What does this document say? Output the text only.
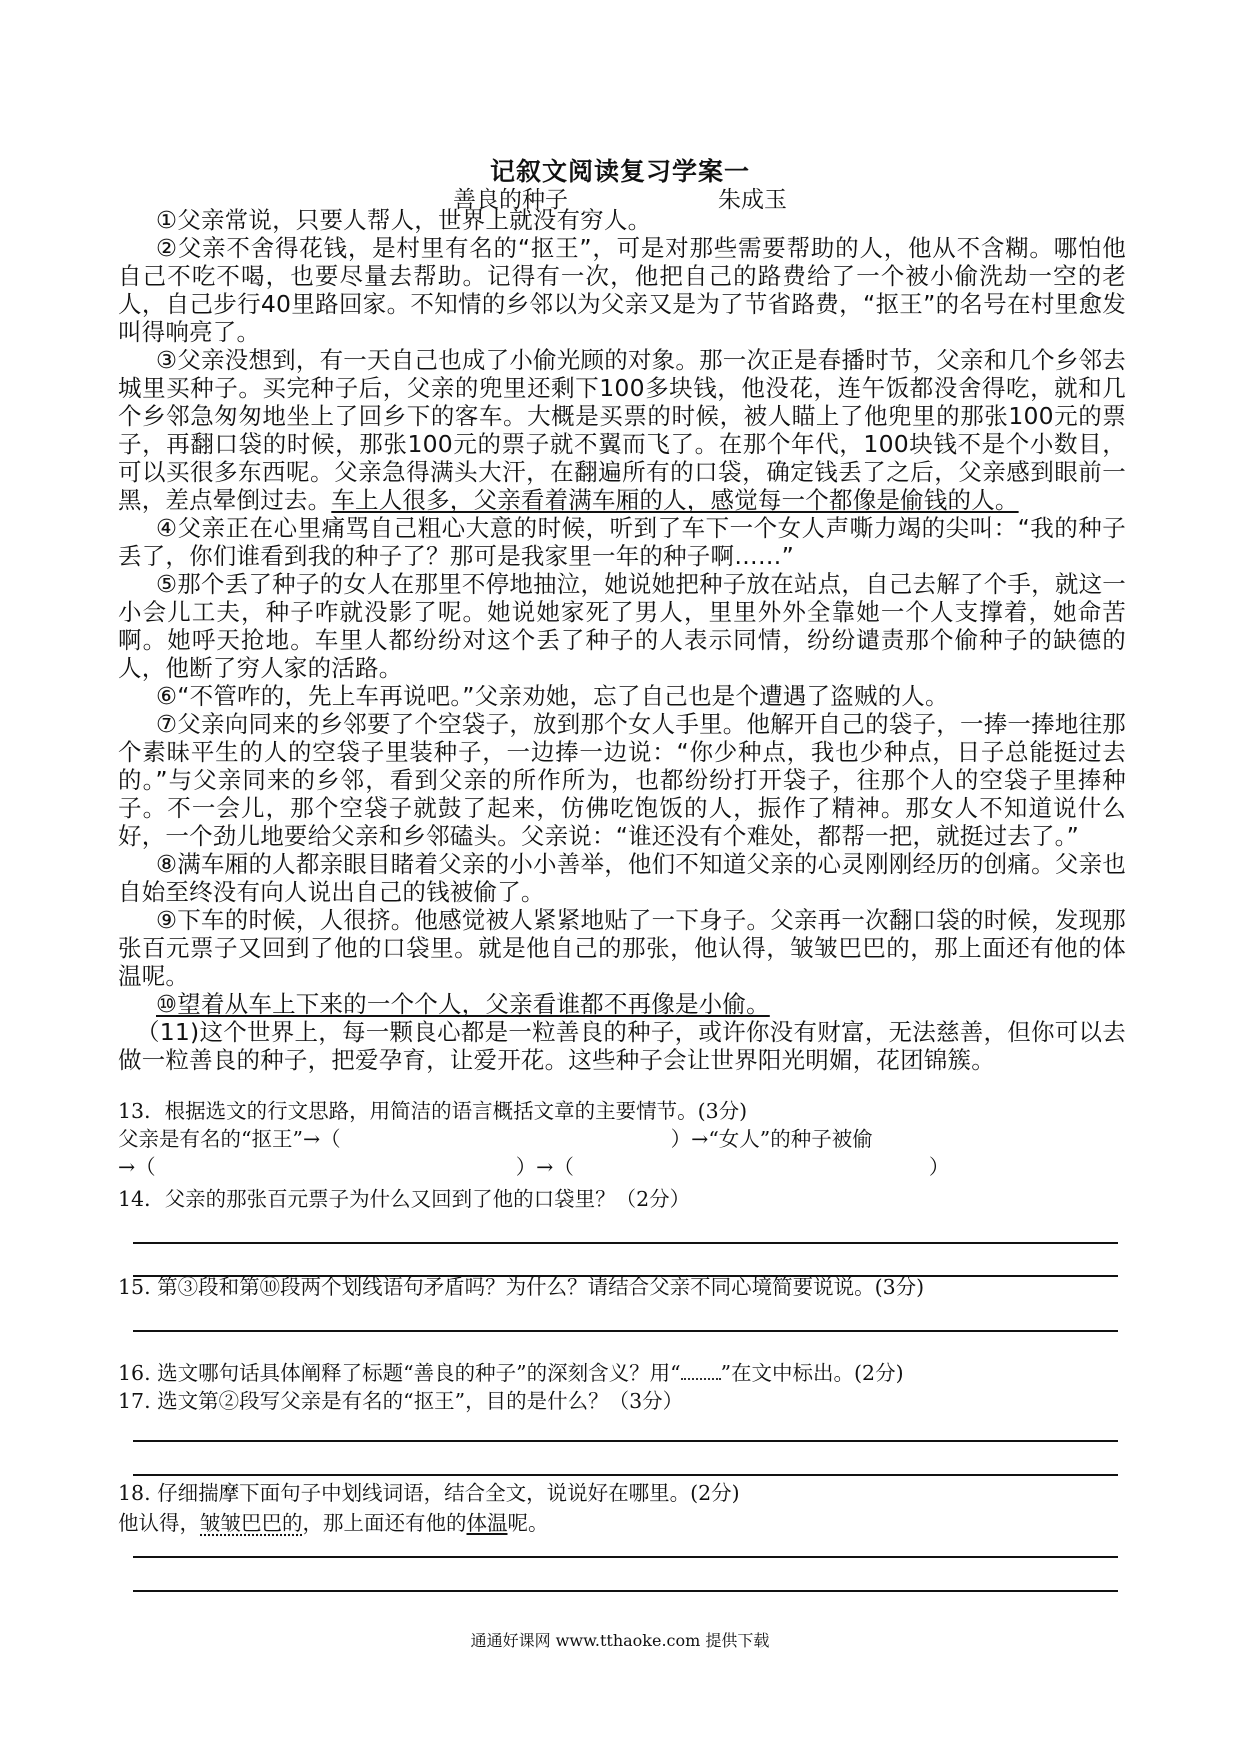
记叙文阅读复习学案一
善良的种子	朱成玉

①父亲常说，只要人帮人，世界上就没有穷人。

②父亲不舍得花钱，是村里有名的“抠王”，可是对那些需要帮助的人，他从不含糊。哪怕他自己不吃不喝，也要尽量去帮助。记得有一次，他把自己的路费给了一个被小偷洗劫一空的老人，自己步行40里路回家。不知情的乡邻以为父亲又是为了节省路费，“抠王”的名号在村里愈发叫得响亮了。

③父亲没想到，有一天自己也成了小偷光顾的对象。那一次正是春播时节，父亲和几个乡邻去城里买种子。买完种子后，父亲的兜里还剩下100多块钱，他没花，连午饭都没舍得吃，就和几个乡邻急匆匆地坐上了回乡下的客车。大概是买票的时候，被人瞄上了他兜里的那张100元的票子，再翻口袋的时候，那张100元的票子就不翼而飞了。在那个年代，100块钱不是个小数目，可以买很多东西呢。父亲急得满头大汗，在翻遍所有的口袋，确定钱丢了之后，父亲感到眼前一黑，差点晕倒过去。车上人很多，父亲看着满车厢的人，感觉每一个都像是偷钱的人。

④父亲正在心里痛骂自己粗心大意的时候，听到了车下一个女人声嘶力竭的尖叫：“我的种子丢了，你们谁看到我的种子了？那可是我家里一年的种子啊……”

⑤那个丢了种子的女人在那里不停地抽泣，她说她把种子放在站点，自己去解了个手，就这一小会儿工夫，种子咋就没影了呢。她说她家死了男人，里里外外全靠她一个人支撑着，她命苦啊。她呼天抢地。车里人都纷纷对这个丢了种子的人表示同情，纷纷谴责那个偷种子的缺德的人，他断了穷人家的活路。

⑥“不管咋的，先上车再说吧。”父亲劝她，忘了自己也是个遭遇了盗贼的人。

⑦父亲向同来的乡邻要了个空袋子，放到那个女人手里。他解开自己的袋子，一捧一捧地往那个素昧平生的人的空袋子里装种子，一边捧一边说：“你少种点，我也少种点，日子总能挺过去的。”与父亲同来的乡邻，看到父亲的所作所为，也都纷纷打开袋子，往那个人的空袋子里捧种子。不一会儿，那个空袋子就鼓了起来，仿佛吃饱饭的人，振作了精神。那女人不知道说什么好，一个劲儿地要给父亲和乡邻磕头。父亲说：“谁还没有个难处，都帮一把，就挺过去了。”

⑧满车厢的人都亲眼目睹着父亲的小小善举，他们不知道父亲的心灵刚刚经历的创痛。父亲也自始至终没有向人说出自己的钱被偷了。

⑨下车的时候，人很挤。他感觉被人紧紧地贴了一下身子。父亲再一次翻口袋的时候，发现那张百元票子又回到了他的口袋里。就是他自己的那张，他认得，皱皱巴巴的，那上面还有他的体温呢。

⑩望着从车上下来的一个个人，父亲看谁都不再像是小偷。

（11)这个世界上，每一颗良心都是一粒善良的种子，或许你没有财富，无法慈善，但你可以去做一粒善良的种子，把爱孕育，让爱开花。这些种子会让世界阳光明媚，花团锦簇。

13．根据选文的行文思路，用简洁的语言概括文章的主要情节。(3分)
父亲是有名的“抠王”→（	）→“女人”的种子被偷
→（	）→（	）
14．父亲的那张百元票子为什么又回到了他的口袋里？（2分）
15. 第③段和第⑩段两个划线语句矛盾吗？为什么？请结合父亲不同心境简要说说。(3分)
16. 选文哪句话具体阐释了标题“善良的种子”的深刻含义？用“ ”在文中标出。(2分)
17. 选文第②段写父亲是有名的“抠王”，目的是什么？（3分）
18. 仔细揣摩下面句子中划线词语，结合全文，说说好在哪里。(2分)
他认得，皱皱巴巴的，那上面还有他的体温呢。
通通好课网 www.tthaoke.com 提供下载
